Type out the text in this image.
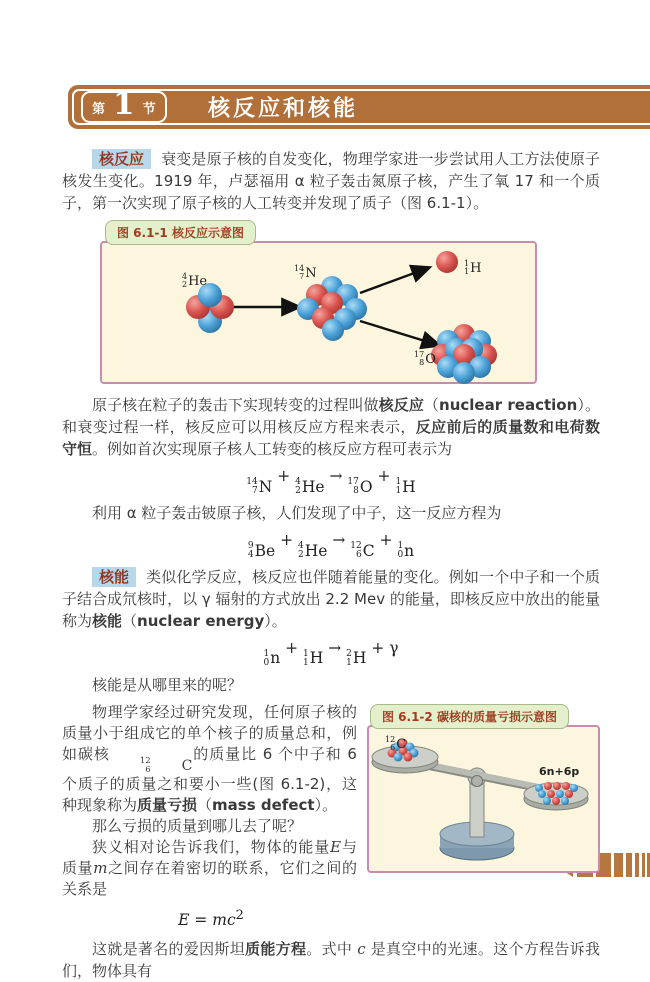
第 1 节 核反应和核能

核反应 衰变是原子核的自发变化，物理学家进一步尝试用人工方法使原子核发生变化。1919 年，卢瑟福用 α 粒子轰击氮原子核，产生了氧 17 和一个质子，第一次实现了原子核的人工转变并发现了质子（图 6.1-1）。

图 6.1-1 核反应示意图
4
2 He
14
7 N
1
1 H
17
8 O

原子核在粒子的轰击下实现转变的过程叫做核反应（nuclear reaction）。和衰变过程一样，核反应可以用核反应方程来表示，反应前后的质量数和电荷数守恒。例如首次实现原子核人工转变的核反应方程可表示为

14
7 N
+ 4
2 He
→ 17
8 O
+ 1
1 H

利用 α 粒子轰击铍原子核，人们发现了中子，这一反应方程为

9
4 Be
+ 4
2 He
→ 12
6 C
+ 1
0 n

核能 类似化学反应，核反应也伴随着能量的变化。例如一个中子和一个质子结合成氘核时，以 γ 辐射的方式放出 2.2 Mev 的能量，即核反应中放出的能量称为核能（nuclear energy）。

1
0 n
+ 1
1 H
→ 2
1 H
+ γ

核能是从哪里来的呢？

图 6.1-2 碳核的质量亏损示意图
12
6 C
6n+6p

物理学家经过研究发现，任何原子核的质量小于组成它的单个核子的质量总和，例如碳核	12
6	C
的质量比 6 个中子和 6 个质子的质量之和要小一些(图 6.1-2)，这种现象称为质量亏损（mass defect）。

那么亏损的质量到哪儿去了呢？

狭义相对论告诉我们，物体的能量E与质量m之间存在着密切的联系，它们之间的关系是

$E = mc^2$

这就是著名的爱因斯坦质能方程。式中 c 是真空中的光速。这个方程告诉我们，物体具有
